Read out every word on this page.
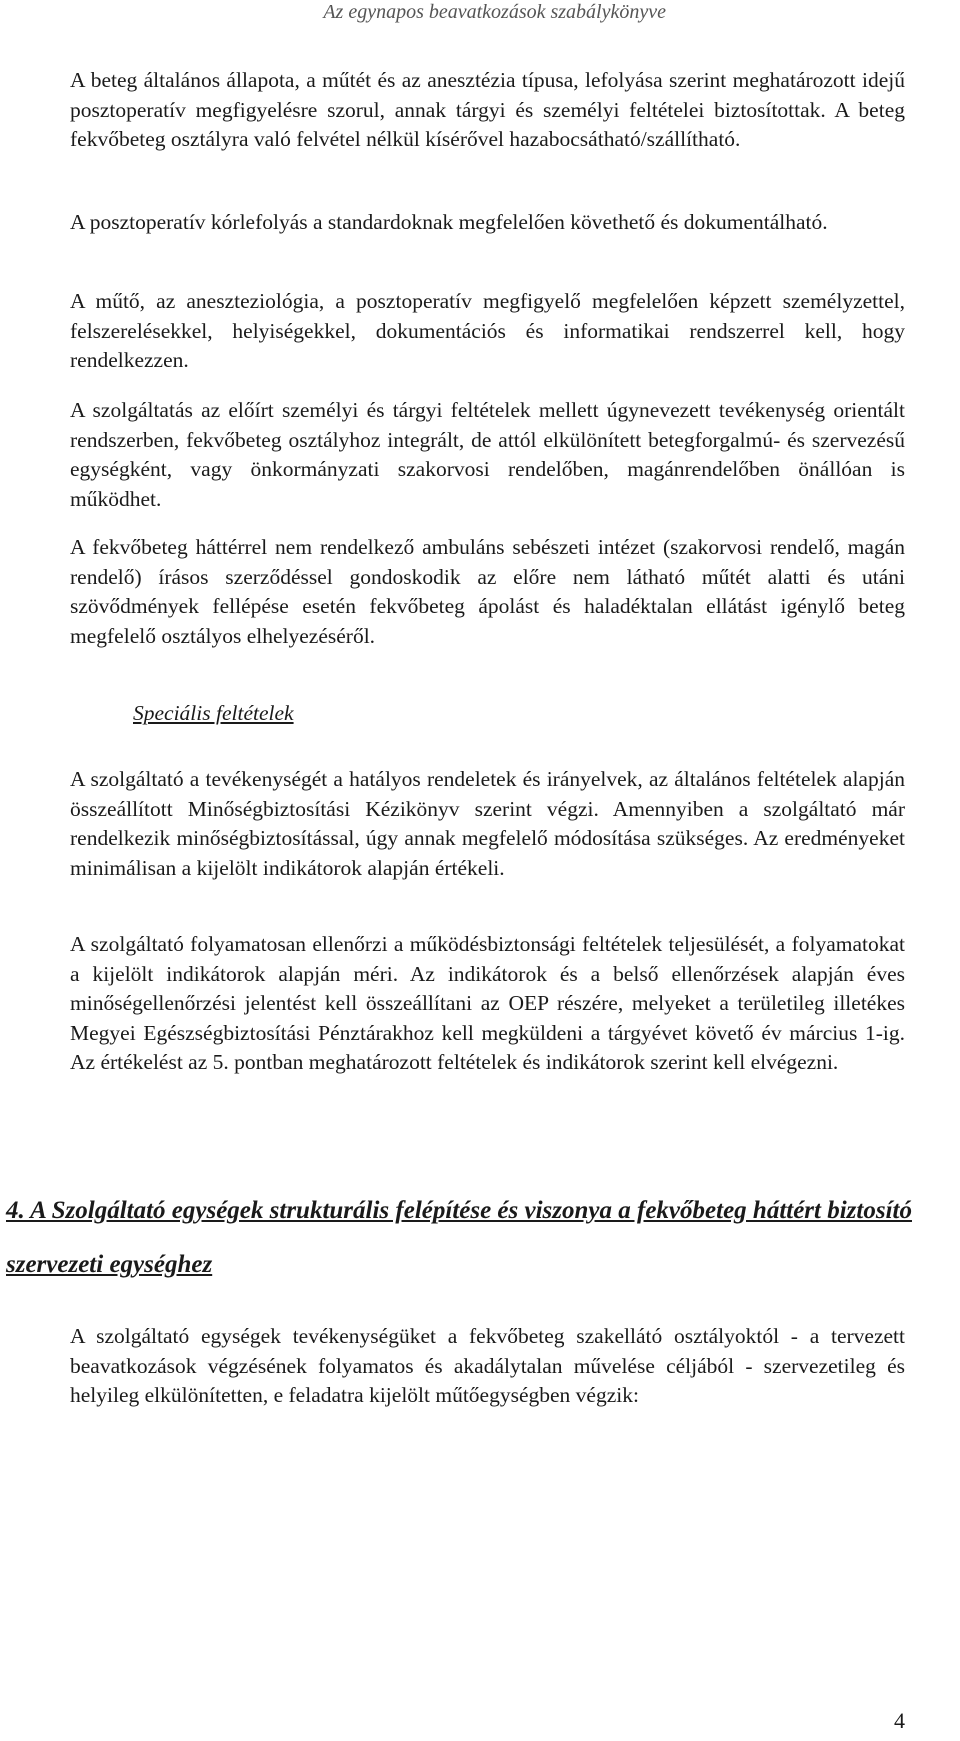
Az egynapos beavatkozások szabálykönyve

A beteg általános állapota, a műtét és az anesztézia típusa, lefolyása szerint meghatározott idejű posztoperatív megfigyelésre szorul, annak tárgyi és személyi feltételei biztosítottak. A beteg fekvőbeteg osztályra való felvétel nélkül kísérővel hazabocsátható/szállítható.

A posztoperatív kórlefolyás a standardoknak megfelelően követhető és dokumentálható.

A műtő, az aneszteziológia, a posztoperatív megfigyelő megfelelően képzett személyzettel, felszerelésekkel, helyiségekkel, dokumentációs és informatikai rendszerrel kell, hogy rendelkezzen.

A szolgáltatás az előírt személyi és tárgyi feltételek mellett úgynevezett tevékenység orientált rendszerben, fekvőbeteg osztályhoz integrált, de attól elkülönített betegforgalmú- és szervezésű egységként, vagy önkormányzati szakorvosi rendelőben, magánrendelőben önállóan is működhet.

A fekvőbeteg háttérrel nem rendelkező ambuláns sebészeti intézet (szakorvosi rendelő, magán rendelő) írásos szerződéssel gondoskodik az előre nem látható műtét alatti és utáni szövődmények fellépése esetén fekvőbeteg ápolást és haladéktalan ellátást igénylő beteg megfelelő osztályos elhelyezéséről.

Speciális feltételek

A szolgáltató a tevékenységét a hatályos rendeletek és irányelvek, az általános feltételek alapján összeállított Minőségbiztosítási Kézikönyv szerint végzi. Amennyiben a szolgáltató már rendelkezik minőségbiztosítással, úgy annak megfelelő módosítása szükséges. Az eredményeket minimálisan a kijelölt indikátorok alapján értékeli.

A szolgáltató folyamatosan ellenőrzi a működésbiztonsági feltételek teljesülését, a folyamatokat a kijelölt indikátorok alapján méri. Az indikátorok és a belső ellenőrzések alapján éves minőségellenőrzési jelentést kell összeállítani az OEP részére, melyeket a területileg illetékes Megyei Egészségbiztosítási Pénztárakhoz kell megküldeni a tárgyévet követő év március 1-ig. Az értékelést az 5. pontban meghatározott feltételek és indikátorok szerint kell elvégezni.

4. A Szolgáltató egységek strukturális felépítése és viszonya a fekvőbeteg háttért biztosító szervezeti egységhez

A szolgáltató egységek tevékenységüket a fekvőbeteg szakellátó osztályoktól - a tervezett beavatkozások végzésének folyamatos és akadálytalan művelése céljából - szervezetileg és helyileg elkülönítetten, e feladatra kijelölt műtőegységben végzik:

4
